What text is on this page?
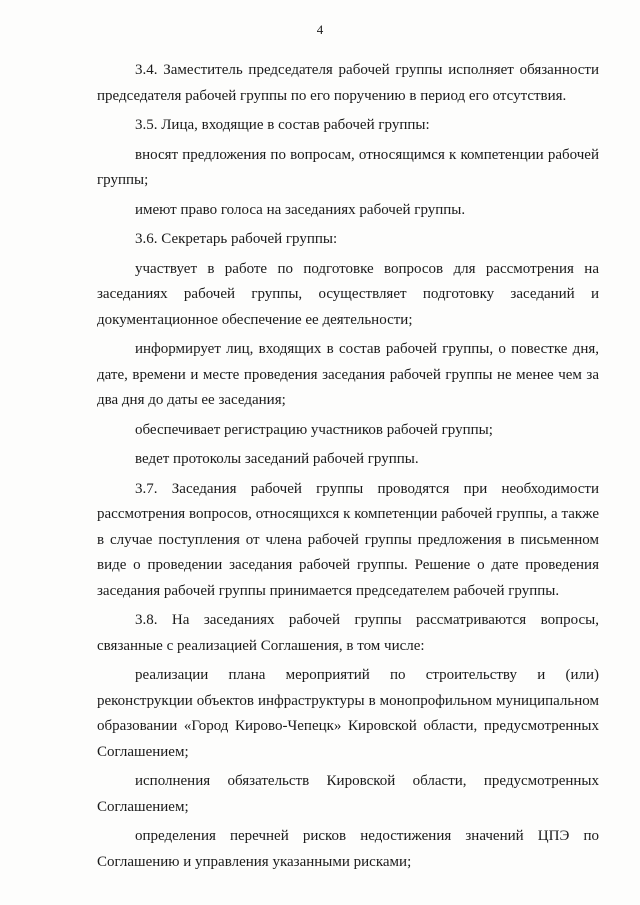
4

3.4. Заместитель председателя рабочей группы исполняет обязанности председателя рабочей группы по его поручению в период его отсутствия.

3.5. Лица, входящие в состав рабочей группы:

вносят предложения по вопросам, относящимся к компетенции рабочей группы;

имеют право голоса на заседаниях рабочей группы.

3.6. Секретарь рабочей группы:

участвует в работе по подготовке вопросов для рассмотрения на заседаниях рабочей группы, осуществляет подготовку заседаний и документационное обеспечение ее деятельности;

информирует лиц, входящих в состав рабочей группы, о повестке дня, дате, времени и месте проведения заседания рабочей группы не менее чем за два дня до даты ее заседания;

обеспечивает регистрацию участников рабочей группы;

ведет протоколы заседаний рабочей группы.

3.7. Заседания рабочей группы проводятся при необходимости рассмотрения вопросов, относящихся к компетенции рабочей группы, а также в случае поступления от члена рабочей группы предложения в письменном виде о проведении заседания рабочей группы. Решение о дате проведения заседания рабочей группы принимается председателем рабочей группы.

3.8. На заседаниях рабочей группы рассматриваются вопросы, связанные с реализацией Соглашения, в том числе:

реализации плана мероприятий по строительству и (или) реконструкции объектов инфраструктуры в монопрофильном муниципальном образовании «Город Кирово-Чепецк» Кировской области, предусмотренных Соглашением;

исполнения обязательств Кировской области, предусмотренных Соглашением;

определения перечней рисков недостижения значений ЦПЭ по Соглашению и управления указанными рисками;
